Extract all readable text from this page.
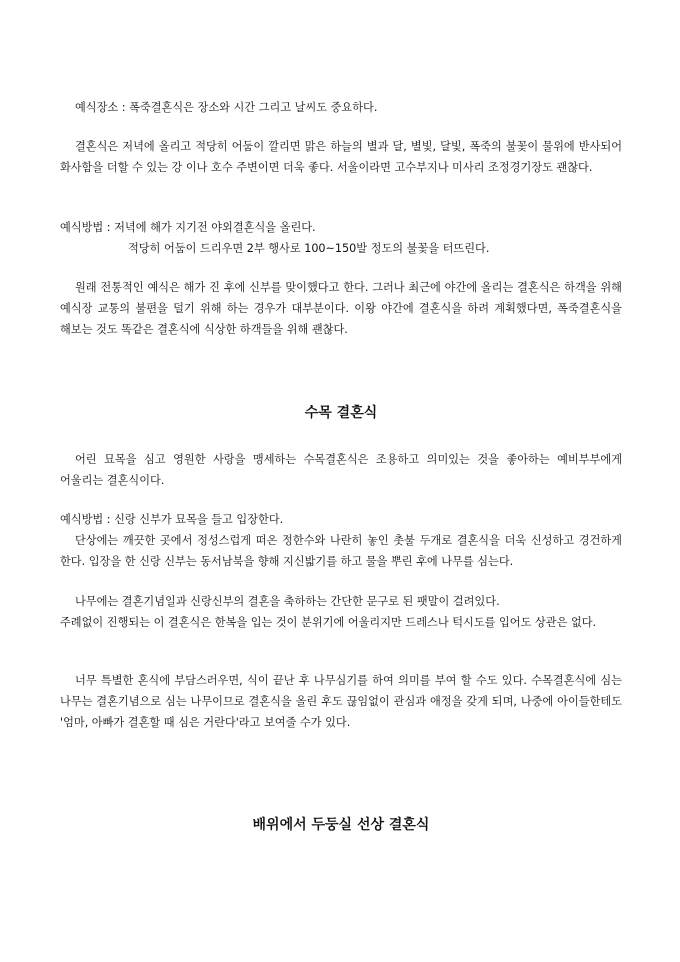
예식장소 : 폭죽결혼식은 장소와 시간 그리고 날씨도 중요하다.

결혼식은 저녁에 올리고 적당히 어둠이 깔리면 맑은 하늘의 별과 달, 별빛, 달빛, 폭죽의 불꽃이 물위에 반사되어 화사함을 더할 수 있는 강 이나 호수 주변이면 더욱 좋다. 서울이라면 고수부지나 미사리 조정경기장도 괜찮다.

예식방법 : 저녁에 해가 지기전 야외결혼식을 올린다.
적당히 어둠이 드리우면 2부 행사로 100~150발 정도의 불꽃을 터뜨린다.

원래 전통적인 예식은 해가 진 후에 신부를 맞이했다고 한다. 그러나 최근에 야간에 올리는 결혼식은 하객을 위해 예식장 교통의 불편을 덜기 위해 하는 경우가 대부분이다. 이왕 야간에 결혼식을 하려 계획했다면, 폭죽결혼식을 해보는 것도 똑같은 결혼식에 식상한 하객들을 위해 괜찮다.

수목 결혼식

어린 묘목을 심고 영원한 사랑을 맹세하는 수목결혼식은 조용하고 의미있는 것을 좋아하는 예비부부에게 어울리는 결혼식이다.

예식방법 : 신랑 신부가 묘목을 들고 입장한다.

단상에는 깨끗한 곳에서 정성스럽게 떠온 정한수와 나란히 놓인 촛불 두개로 결혼식을 더욱 신성하고 경건하게 한다. 입장을 한 신랑 신부는 동서남북을 향해 지신밟기를 하고 물을 뿌린 후에 나무를 심는다.

나무에는 결혼기념일과 신랑신부의 결혼을 축하하는 간단한 문구로 된 팻말이 걸려있다.

주례없이 진행되는 이 결혼식은 한복을 입는 것이 분위기에 어울리지만 드레스나 턱시도를 입어도 상관은 없다.

너무 특별한 혼식에 부담스러우면, 식이 끝난 후 나무심기를 하여 의미를 부여 할 수도 있다. 수목결혼식에 심는 나무는 결혼기념으로 심는 나무이므로 결혼식을 올린 후도 끊임없이 관심과 애정을 갖게 되며, 나중에 아이들한테도 '엄마, 아빠가 결혼할 때 심은 거란다'라고 보여줄 수가 있다.

배위에서 두둥실 선상 결혼식
